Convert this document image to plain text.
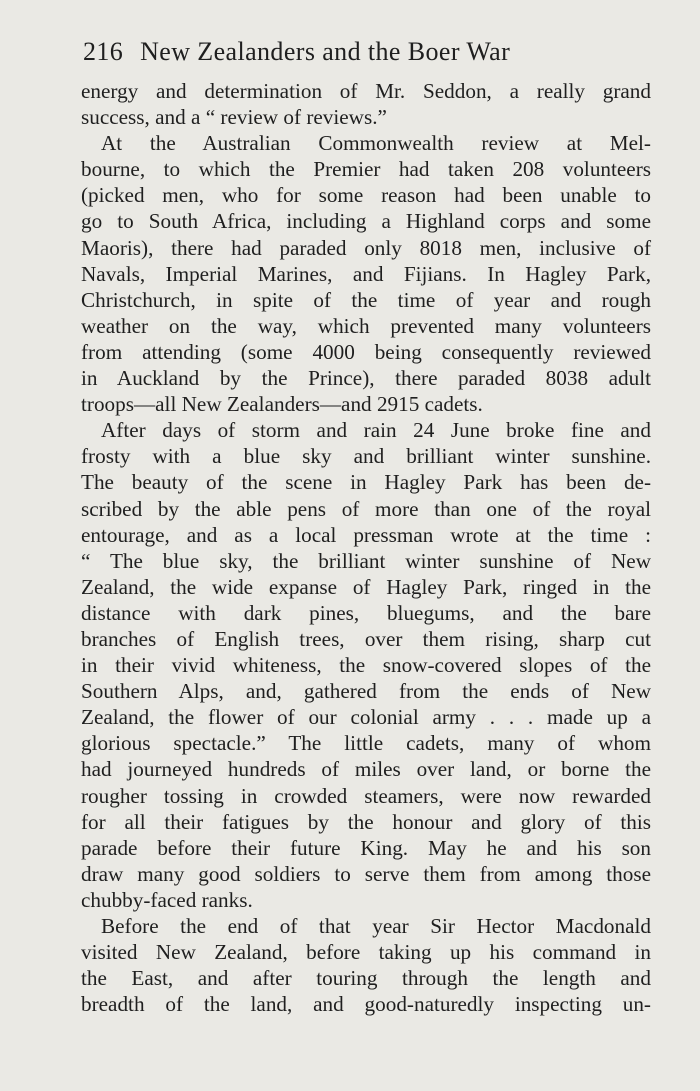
216 New Zealanders and the Boer War
energy and determination of Mr. Seddon, a really grand
success, and a “ review of reviews.”
At the Australian Commonwealth review at Mel-
bourne, to which the Premier had taken 208 volunteers
(picked men, who for some reason had been unable to
go to South Africa, including a Highland corps and some
Maoris), there had paraded only 8018 men, inclusive of
Navals, Imperial Marines, and Fijians. In Hagley Park,
Christchurch, in spite of the time of year and rough
weather on the way, which prevented many volunteers
from attending (some 4000 being consequently reviewed
in Auckland by the Prince), there paraded 8038 adult
troops—all New Zealanders—and 2915 cadets.
After days of storm and rain 24 June broke fine and
frosty with a blue sky and brilliant winter sunshine.
The beauty of the scene in Hagley Park has been de-
scribed by the able pens of more than one of the royal
entourage, and as a local pressman wrote at the time :
“ The blue sky, the brilliant winter sunshine of New
Zealand, the wide expanse of Hagley Park, ringed in the
distance with dark pines, bluegums, and the bare
branches of English trees, over them rising, sharp cut
in their vivid whiteness, the snow-covered slopes of the
Southern Alps, and, gathered from the ends of New
Zealand, the flower of our colonial army . . . made up a
glorious spectacle.” The little cadets, many of whom
had journeyed hundreds of miles over land, or borne the
rougher tossing in crowded steamers, were now rewarded
for all their fatigues by the honour and glory of this
parade before their future King. May he and his son
draw many good soldiers to serve them from among those
chubby-faced ranks.
Before the end of that year Sir Hector Macdonald
visited New Zealand, before taking up his command in
the East, and after touring through the length and
breadth of the land, and good-naturedly inspecting un-
